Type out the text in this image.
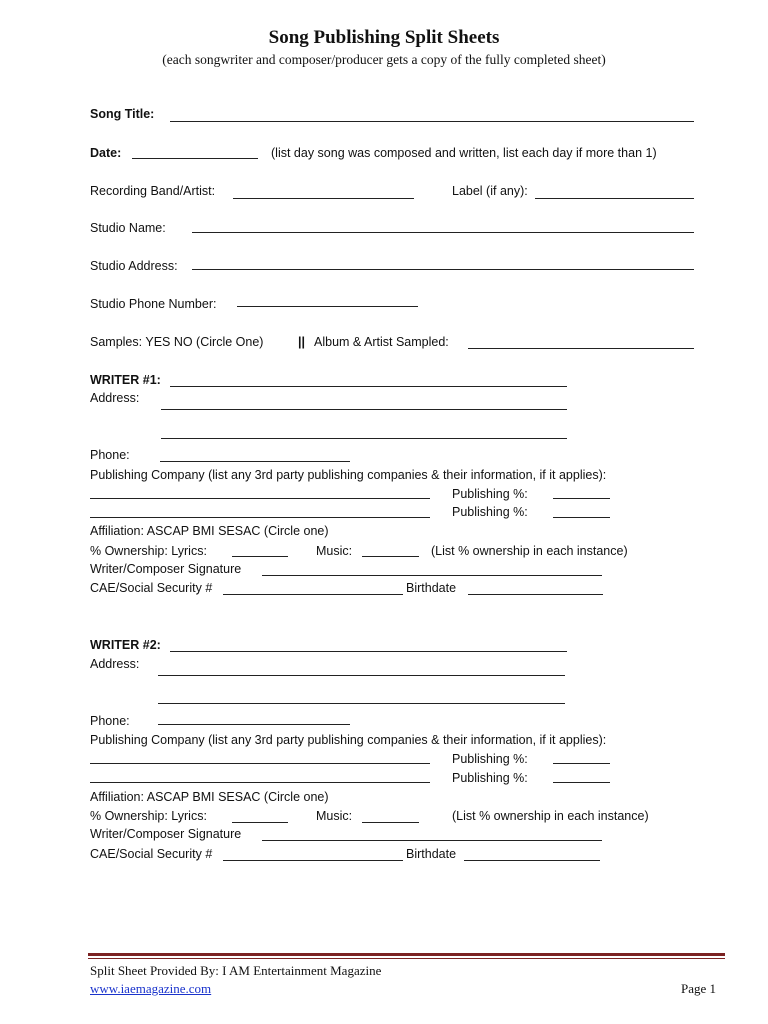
Song Publishing Split Sheets
(each songwriter and composer/producer gets a copy of the fully completed sheet)
Song Title:
Date:	(list day song was composed and written, list each day if more than 1)
Recording Band/Artist:	Label (if any):
Studio Name:
Studio Address:
Studio Phone Number:
Samples: YES NO (Circle One)	|| Album & Artist Sampled:
WRITER #1:
Address:
Phone:
Publishing Company (list any 3rd party publishing companies & their information, if it applies):
Publishing %:
Publishing %:
Affiliation: ASCAP BMI SESAC (Circle one)
% Ownership: Lyrics:	Music:	(List % ownership in each instance)
Writer/Composer Signature
CAE/Social Security #	Birthdate
WRITER #2:
Address:
Phone:
Publishing Company (list any 3rd party publishing companies & their information, if it applies):
Publishing %:
Publishing %:
Affiliation: ASCAP BMI SESAC (Circle one)
% Ownership: Lyrics:	Music:	(List % ownership in each instance)
Writer/Composer Signature
CAE/Social Security #	Birthdate
Split Sheet Provided By: I AM Entertainment Magazine
www.iaemagazine.com	Page 1
